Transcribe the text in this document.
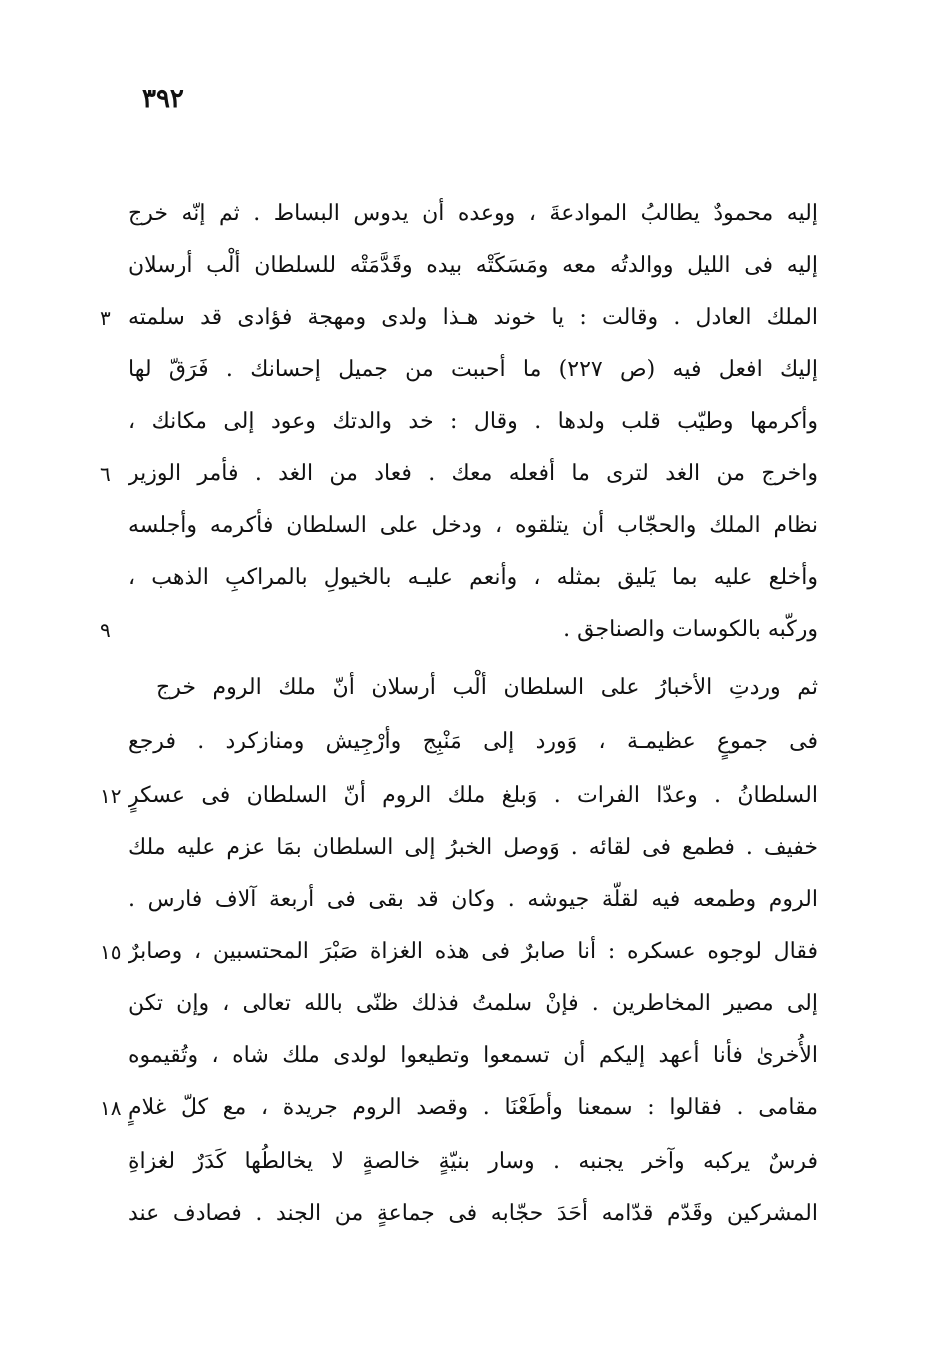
٣٩٢
إليه محمودٌ يطالبُ الموادعةَ ، ووعده أن يدوس البساط . ثم إنّه خرج
إليه فى الليل ووالدتُه معه ومَسَكَتْه بيده وقَدَّمَتْه للسلطان ألْب أرسلان
٣ الملك العادل . وقالت : يا خوند هـذا ولدى ومهجة فؤادى قد سلمته
إليك افعل فيه (ص ٢٢٧) ما أحببت من جميل إحسانك . فَرَقّ لها
وأكرمها وطيّب قلب ولدها . وقال : خد والدتك وعود إلى مكانك ،
٦ واخرج من الغد لترى ما أفعله معك . فعاد من الغد . فأمر الوزير
نظام الملك والحجّاب أن يتلقوه ، ودخل على السلطان فأكرمه وأجلسه
وأخلع عليه بما يَليق بمثله ، وأنعم عليـه بالخيولِ بالمراكبِ الذهب ،
٩	وركّبه بالكوسات والصناجق .
ثم وردتِ الأخبارُ على السلطان ألْب أرسلان أنّ ملك الروم خرج
فى جموعٍ عظيمـة ، وَورد إلى مَنْبِج وأرْجِيش ومنازكرد . فرجع
١٢ السلطانُ . وعدّا الفرات . وَبلغ ملك الروم أنّ السلطان فى عسكرٍ
خفيف . فطمع فى لقائه . وَوصل الخبرُ إلى السلطان بمَا عزم عليه ملك
الروم وطمعه فيه لقلّة جيوشه . وكان قد بقى فى أربعة آلاف فارس .
١٥ فقال لوجوه عسكره : أنا صابرٌ فى هذه الغزاة صَبْرَ المحتسبين ، وصابرٌ
إلى مصير المخاطرين . فإنْ سلمتُ فذلك ظنّى بالله تعالى ، وإن تكن
الأُخرىٰ فأنا أعهد إليكم أن تسمعوا وتطيعوا لولدى ملك شاه ، وتُقيموه
١٨ مقامى . فقالوا : سمعنا وأطَعْنَا . وقصد الروم جريدة ، مع كلّ غلامٍ
فرسٌ يركبه وآخر يجنبه . وسار بنيّةٍ خالصةٍ لا يخالطُها كَدَرٌ لغزاةِ
المشركين وقَدّم قدّامه أحَدَ حجّابه فى جماعةٍ من الجند . فصادف عند
